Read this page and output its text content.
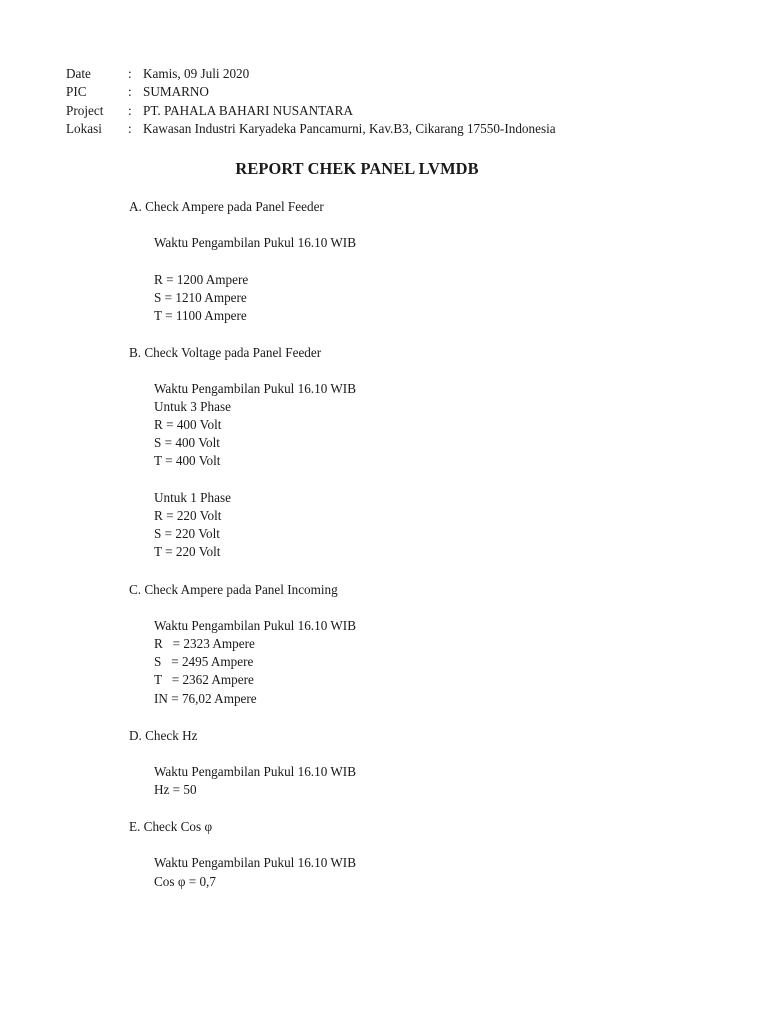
Date	: Kamis, 09 Juli 2020
PIC	: SUMARNO
Project : PT. PAHALA BAHARI NUSANTARA
Lokasi : Kawasan Industri Karyadeka Pancamurni, Kav.B3, Cikarang 17550-Indonesia
REPORT CHEK PANEL LVMDB
A. Check Ampere pada Panel Feeder
Waktu Pengambilan Pukul 16.10 WIB
R = 1200 Ampere
S = 1210 Ampere
T = 1100 Ampere
B. Check Voltage pada Panel Feeder
Waktu Pengambilan Pukul 16.10 WIB
Untuk 3 Phase
R = 400 Volt
S = 400 Volt
T = 400 Volt
Untuk 1 Phase
R = 220 Volt
S = 220 Volt
T = 220 Volt
C. Check Ampere pada Panel Incoming
Waktu Pengambilan Pukul 16.10 WIB
R   = 2323 Ampere
S   = 2495 Ampere
T   = 2362 Ampere
IN = 76,02 Ampere
D. Check Hz
Waktu Pengambilan Pukul 16.10 WIB
Hz = 50
E. Check Cos φ
Waktu Pengambilan Pukul 16.10 WIB
Cos φ = 0,7
